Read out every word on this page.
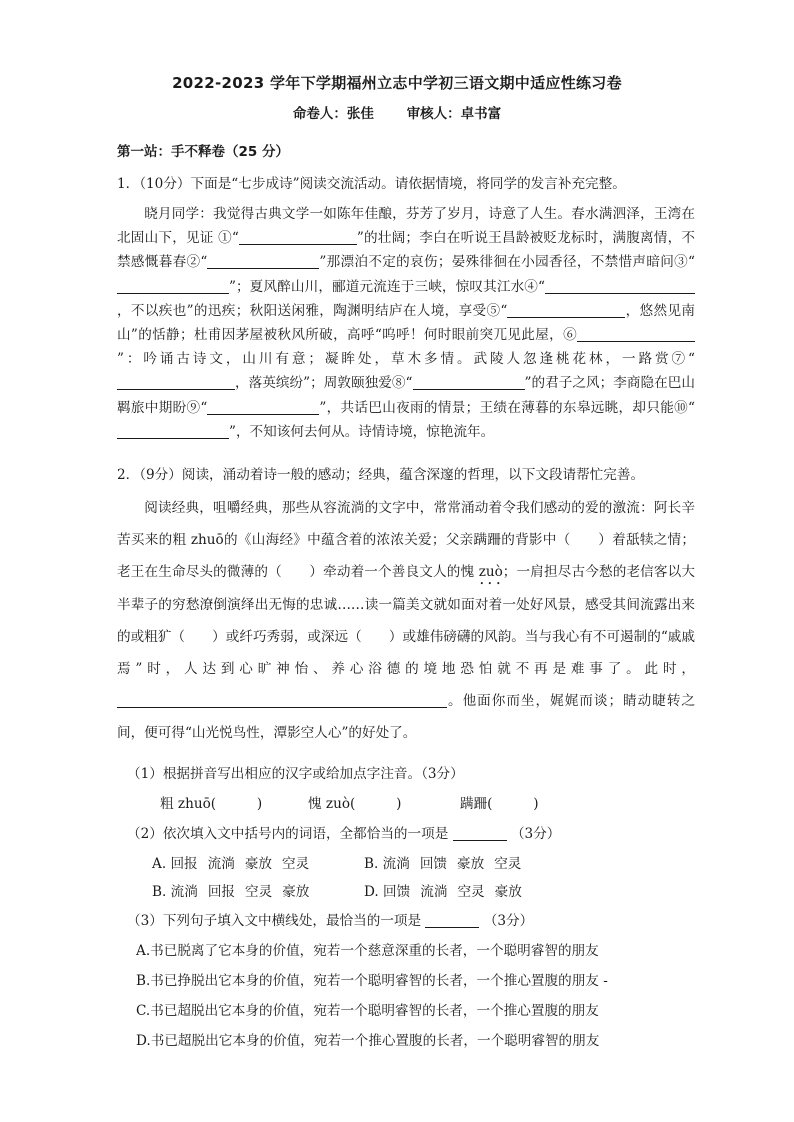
2022-2023 学年下学期福州立志中学初三语文期中适应性练习卷
命卷人：张佳 审核人：卓书富
第一站：手不释卷（25 分）
1．（10分）下面是“七步成诗”阅读交流活动。请依据情境，将同学的发言补充完整。
晓月同学：我觉得古典文学一如陈年佳酿，芬芳了岁月，诗意了人生。春水满泗泽，王湾在北固山下，见证 ①“	”的壮阔；李白在听说王昌龄被贬龙标时，满腹离情，不禁感慨暮春②“	”那漂泊不定的哀伤；晏殊徘徊在小园香径，不禁惜声暗问③“”；夏风醉山川，郦道元流连于三峡，惊叹其江水④“，不以疾也”的迅疾；秋阳送闲雅，陶渊明结庐在人境，享受⑤“	，悠然见南山”的恬静；杜甫因茅屋被秋风所破，高呼“呜呼！何时眼前突兀见此屋，⑥”：吟诵古诗文，山川有意；凝眸处，草木多情。武陵人忽逢桃花林，一路赏⑦“，落英缤纷”；周敦颐独爱⑧“	”的君子之风；李商隐在巴山羁旅中期盼⑨“	”，共话巴山夜雨的情景；王绩在薄暮的东皋远眺，却只能⑩“”，不知该何去何从。诗情诗境，惊艳流年。
2．（9分）阅读，涌动着诗一般的感动；经典，蕴含深邃的哲理，以下文段请帮忙完善。
阅读经典，咀嚼经典，那些从容流淌的文字中，常常涌动着令我们感动的爱的激流：阿长辛苦买来的粗 zhuō的《山海经》中蕴含着的浓浓关爱；父亲蹒跚的背影中（　　）着舐犊之情；老王在生命尽头的微薄的（　　）牵动着一个善良文人的愧 zuò；一肩担尽古今愁的老信客以大半辈子的穷愁潦倒演绎出无悔的忠诚……读一篇美文就如面对着一处好风景，感受其间流露出来的或粗犷（　　）或纤巧秀弱，或深远（　　）或雄伟磅礴的风韵。当与我心有不可遏制的“戚戚焉”时，人达到心旷神怡、养心浴德的境地恐怕就不再是难事了。此时，。他面你而坐，娓娓而谈；睛动睫转之间，便可得“山光悦鸟性，潭影空人心”的好处了。
（1）根据拼音写出相应的汉字或给加点字注音。（3分）
粗 zhuō(　　　)	愧 zuò(　　　)	蹒跚(　　　)
（2）依次填入文中括号内的词语，全都恰当的一项是	（3分）
A. 回报 流淌 豪放 空灵	B. 流淌 回馈 豪放 空灵
B. 流淌 回报 空灵 豪放	D. 回馈 流淌 空灵 豪放
（3）下列句子填入文中横线处，最恰当的一项是	（3分）
A.书已脱离了它本身的价值，宛若一个慈意深重的长者，一个聪明睿智的朋友
B.书已挣脱出它本身的价值，宛若一个聪明睿智的长者，一个推心置腹的朋友 -
C.书已超脱出它本身的价值，宛若一个聪明睿智的长者，一个推心置腹的朋友
D.书已超脱出它本身的价值，宛若一个推心置腹的长者，一个聪明睿智的朋友
